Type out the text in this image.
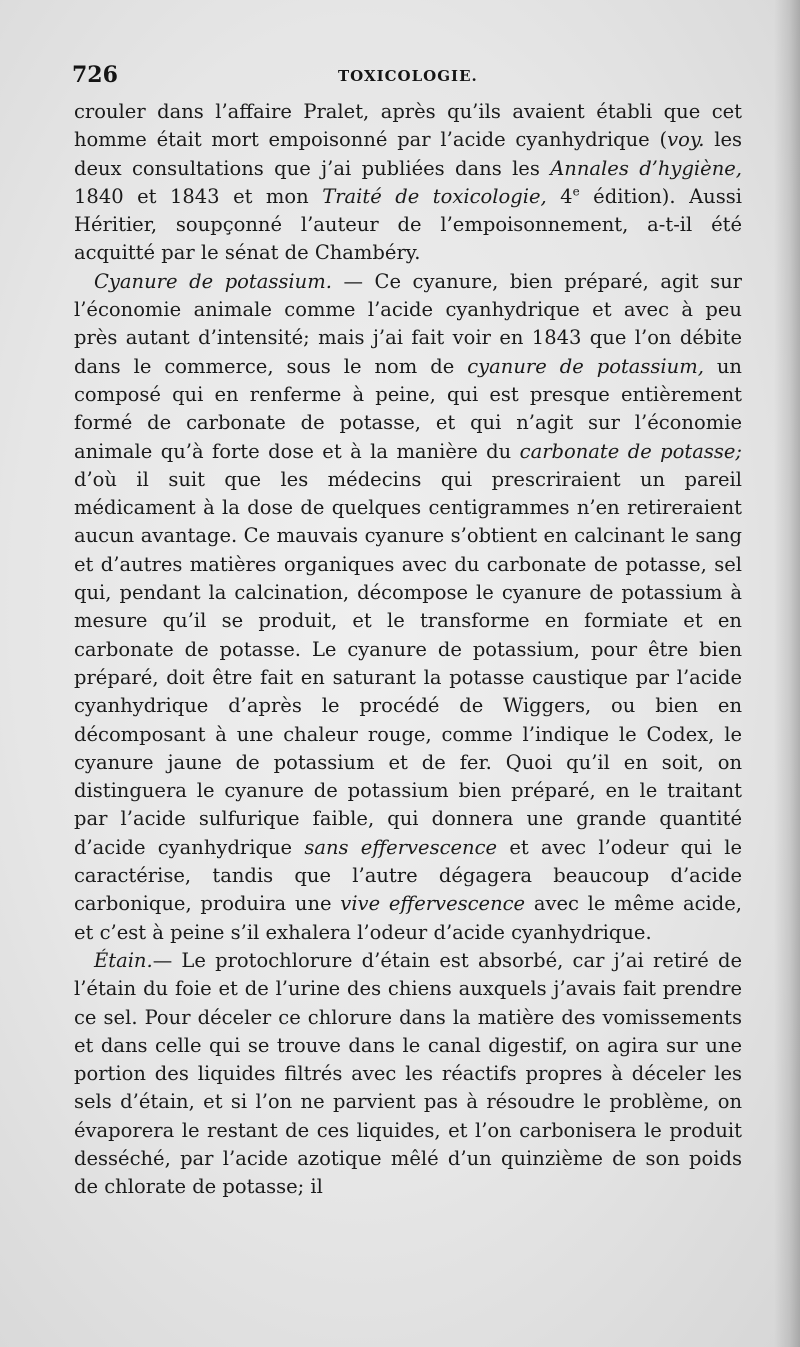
726	TOXICOLOGIE.

crouler dans l’affaire Pralet, après qu’ils avaient établi que cet homme était mort empoisonné par l’acide cyanhydrique (voy. les deux consultations que j’ai publiées dans les Annales d’hygiène, 1840 et 1843 et mon Traité de toxicologie, 4e édition). Aussi Héritier, soupçonné l’auteur de l’empoisonnement, a-t-il été acquitté par le sénat de Chambéry.

Cyanure de potassium. — Ce cyanure, bien préparé, agit sur l’économie animale comme l’acide cyanhydrique et avec à peu près autant d’intensité; mais j’ai fait voir en 1843 que l’on débite dans le commerce, sous le nom de cyanure de potassium, un composé qui en renferme à peine, qui est presque entièrement formé de carbonate de potasse, et qui n’agit sur l’économie animale qu’à forte dose et à la manière du carbonate de potasse; d’où il suit que les médecins qui prescriraient un pareil médicament à la dose de quelques centigrammes n’en retireraient aucun avantage. Ce mauvais cyanure s’obtient en calcinant le sang et d’autres matières organiques avec du carbonate de potasse, sel qui, pendant la calcination, décompose le cyanure de potassium à mesure qu’il se produit, et le transforme en formiate et en carbonate de potasse. Le cyanure de potassium, pour être bien préparé, doit être fait en saturant la potasse caustique par l’acide cyanhydrique d’après le procédé de Wiggers, ou bien en décomposant à une chaleur rouge, comme l’indique le Codex, le cyanure jaune de potassium et de fer. Quoi qu’il en soit, on distinguera le cyanure de potassium bien préparé, en le traitant par l’acide sulfurique faible, qui donnera une grande quantité d’acide cyanhydrique sans effervescence et avec l’odeur qui le caractérise, tandis que l’autre dégagera beaucoup d’acide carbonique, produira une vive effervescence avec le même acide, et c’est à peine s’il exhalera l’odeur d’acide cyanhydrique.

Étain.— Le protochlorure d’étain est absorbé, car j’ai retiré de l’étain du foie et de l’urine des chiens auxquels j’avais fait prendre ce sel. Pour déceler ce chlorure dans la matière des vomissements et dans celle qui se trouve dans le canal digestif, on agira sur une portion des liquides filtrés avec les réactifs propres à déceler les sels d’étain, et si l’on ne parvient pas à résoudre le problème, on évaporera le restant de ces liquides, et l’on carbonisera le produit desséché, par l’acide azotique mêlé d’un quinzième de son poids de chlorate de potasse; il
